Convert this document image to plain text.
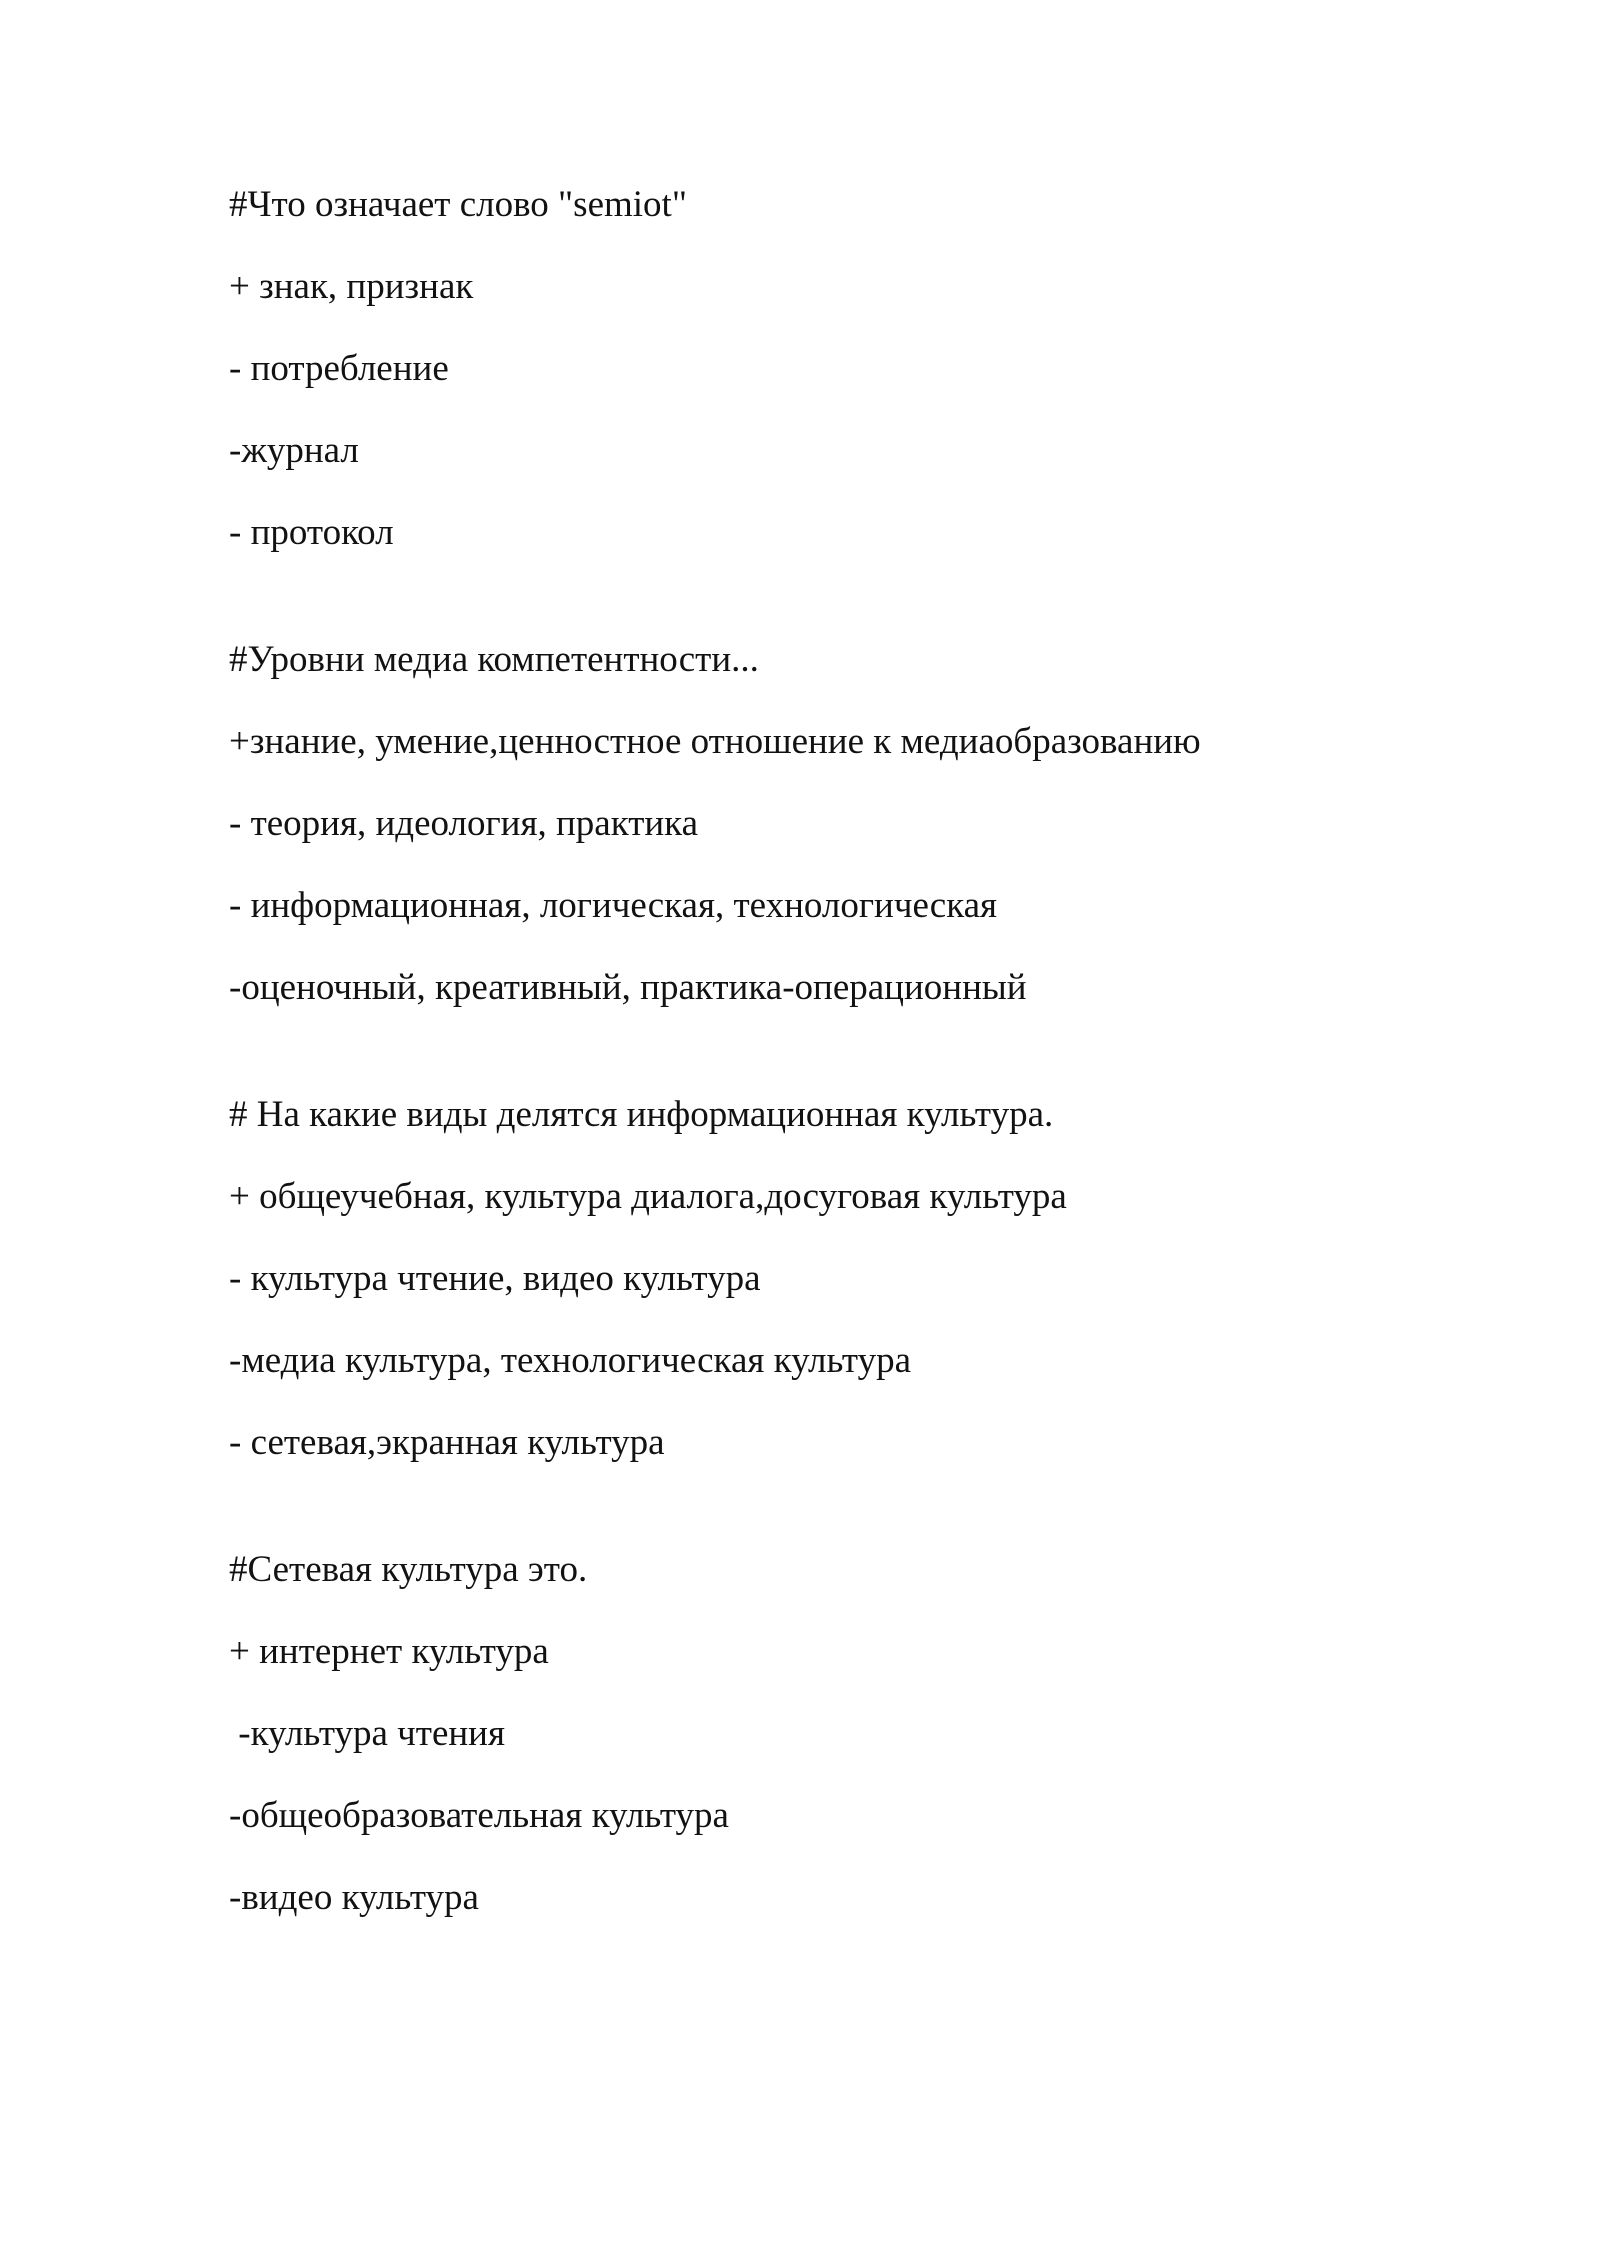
#Что означает слово "semiot"

+ знак, признак

- потребление

-журнал

- протокол

#Уровни медиа компетентности...

+знание, умение,ценностное отношение к медиаобразованию

- теория, идеология, практика

- информационная, логическая, технологическая

-оценочный, креативный, практика-операционный

# На какие виды делятся информационная культура.

+ общеучебная, культура диалога,досуговая культура

- культура чтение, видео культура

-медиа культура, технологическая культура

- сетевая,экранная культура

#Сетевая культура это.

+ интернет культура

-культура чтения

-общеобразовательная культура

-видео культура
